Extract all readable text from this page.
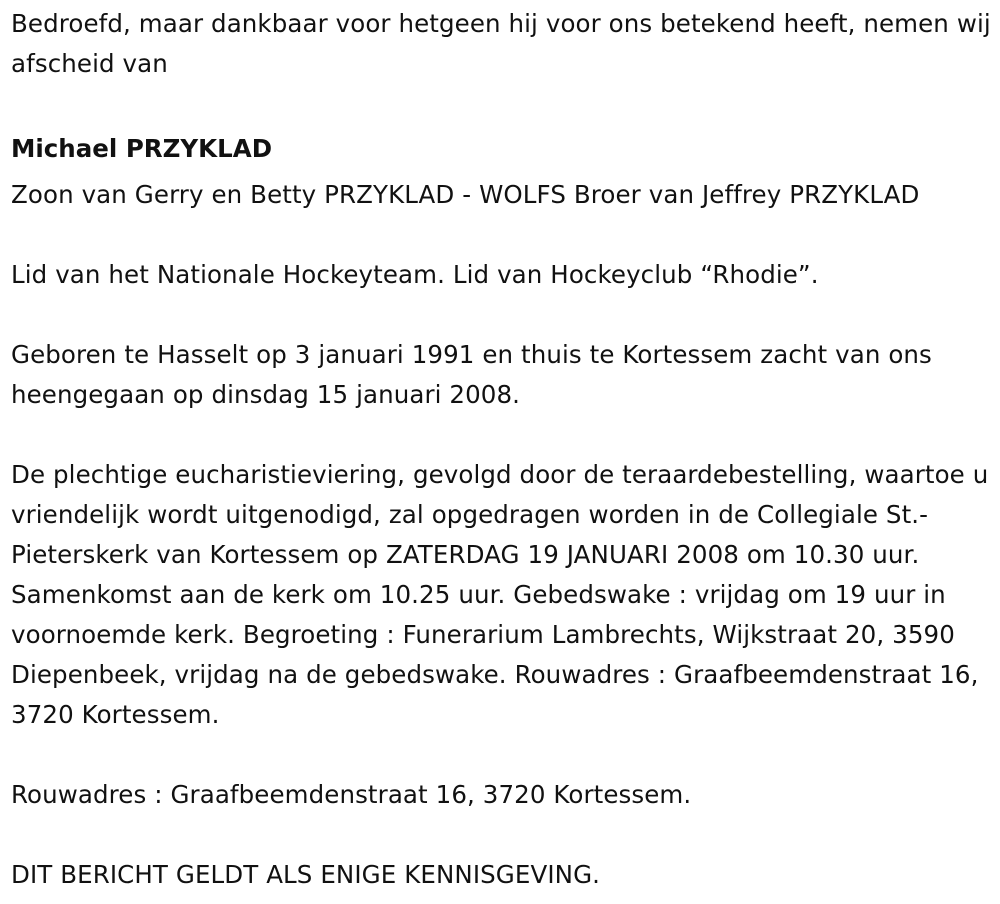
Bedroefd, maar dankbaar voor hetgeen hij voor ons betekend heeft, nemen wij afscheid van

Michael PRZYKLAD

Zoon van Gerry en Betty PRZYKLAD - WOLFS Broer van Jeffrey PRZYKLAD

Lid van het Nationale Hockeyteam. Lid van Hockeyclub “Rhodie”.

Geboren te Hasselt op 3 januari 1991 en thuis te Kortessem zacht van ons heengegaan op dinsdag 15 januari 2008.

De plechtige eucharistieviering, gevolgd door de teraardebestelling, waartoe u vriendelijk wordt uitgenodigd, zal opgedragen worden in de Collegiale St.-Pieterskerk van Kortessem op ZATERDAG 19 JANUARI 2008 om 10.30 uur. Samenkomst aan de kerk om 10.25 uur. Gebedswake : vrijdag om 19 uur in voornoemde kerk. Begroeting : Funerarium Lambrechts, Wijkstraat 20, 3590 Diepenbeek, vrijdag na de gebedswake. Rouwadres : Graafbeemdenstraat 16, 3720 Kortessem.

Rouwadres : Graafbeemdenstraat 16, 3720 Kortessem.

DIT BERICHT GELDT ALS ENIGE KENNISGEVING.
